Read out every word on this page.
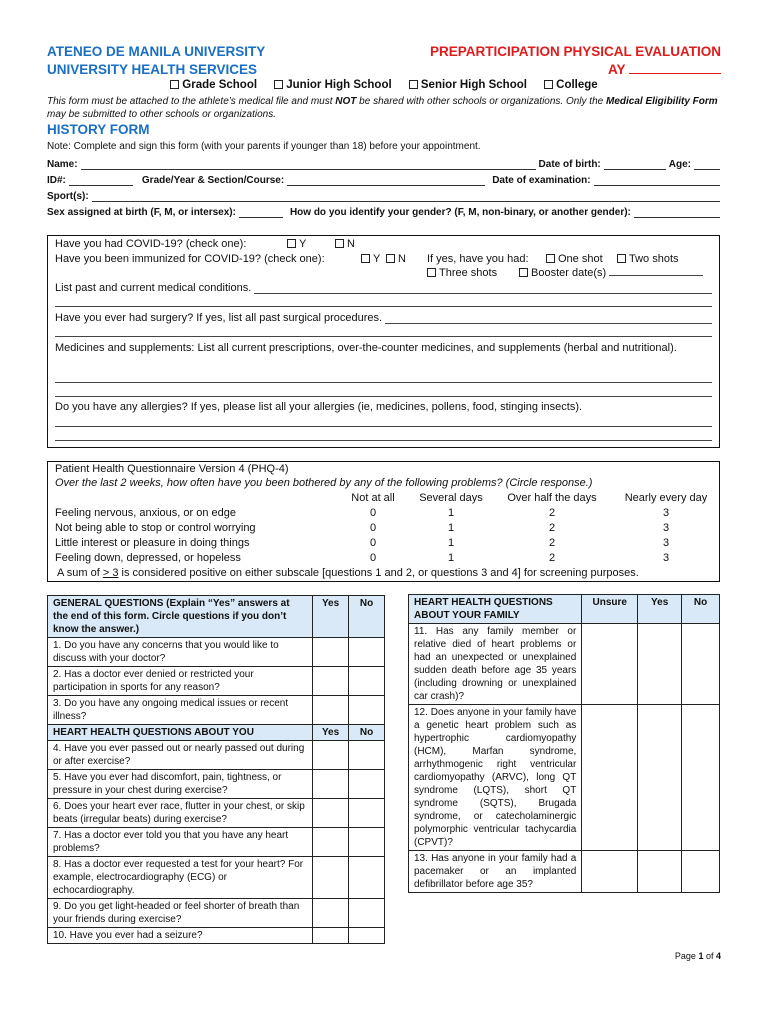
ATENEO DE MANILA UNIVERSITY
UNIVERSITY HEALTH SERVICES
PREPARTICIPATION PHYSICAL EVALUATION
AY
Grade School	Junior High School	Senior High School	College
This form must be attached to the athlete’s medical file and must NOT be shared with other schools or organizations. Only the Medical Eligibility Form may be submitted to other schools or organizations.
HISTORY FORM
Note: Complete and sign this form (with your parents if younger than 18) before your appointment.
Name:	Date of birth:	Age:
ID#:	Grade/Year & Section/Course:	Date of examination:
Sport(s):
Sex assigned at birth (F, M, or intersex):	How do you identify your gender? (F, M, non-binary, or another gender):
Have you had COVID-19? (check one):	Y	N
Have you been immunized for COVID-19? (check one):	Y	N If yes, have you had:	One shot	Two shots
Three shots	Booster date(s)
List past and current medical conditions.
Have you ever had surgery? If yes, list all past surgical procedures.
Medicines and supplements: List all current prescriptions, over-the-counter medicines, and supplements (herbal and nutritional).
Do you have any allergies? If yes, please list all your allergies (ie, medicines, pollens, food, stinging insects).
Patient Health Questionnaire Version 4 (PHQ-4)
Over the last 2 weeks, how often have you been bothered by any of the following problems? (Circle response.)
Not at all	Several days	Over half the days	Nearly every day
Feeling nervous, anxious, or on edge	0	1	2	3
Not being able to stop or control worrying	0	1	2	3
Little interest or pleasure in doing things	0	1	2	3
Feeling down, depressed, or hopeless	0	1	2	3
A sum of > 3 is considered positive on either subscale [questions 1 and 2, or questions 3 and 4] for screening purposes.
GENERAL QUESTIONS (Explain “Yes” answers at the end of this form. Circle questions if you don’t know the answer.)	Yes	No
1. Do you have any concerns that you would like to discuss with your doctor?		
2. Has a doctor ever denied or restricted your participation in sports for any reason?		
3. Do you have any ongoing medical issues or recent illness?		
HEART HEALTH QUESTIONS ABOUT YOU	Yes	No
4. Have you ever passed out or nearly passed out during or after exercise?		
5. Have you ever had discomfort, pain, tightness, or pressure in your chest during exercise?		
6. Does your heart ever race, flutter in your chest, or skip beats (irregular beats) during exercise?		
7. Has a doctor ever told you that you have any heart problems?		
8. Has a doctor ever requested a test for your heart? For example, electrocardiography (ECG) or echocardiography.		
9. Do you get light-headed or feel shorter of breath than your friends during exercise?		
10. Have you ever had a seizure?		
HEART HEALTH QUESTIONS ABOUT YOUR FAMILY	Unsure	Yes	No
11. Has any family member or relative died of heart problems or had an unexpected or unexplained sudden death before age 35 years (including drowning or unexplained car crash)?			
12. Does anyone in your family have a genetic heart problem such as hypertrophic cardiomyopathy (HCM), Marfan syndrome, arrhythmogenic right ventricular cardiomyopathy (ARVC), long QT syndrome (LQTS), short QT syndrome (SQTS), Brugada syndrome, or catecholaminergic polymorphic ventricular tachycardia (CPVT)?			
13. Has anyone in your family had a pacemaker or an implanted defibrillator before age 35?			
Page 1 of 4
